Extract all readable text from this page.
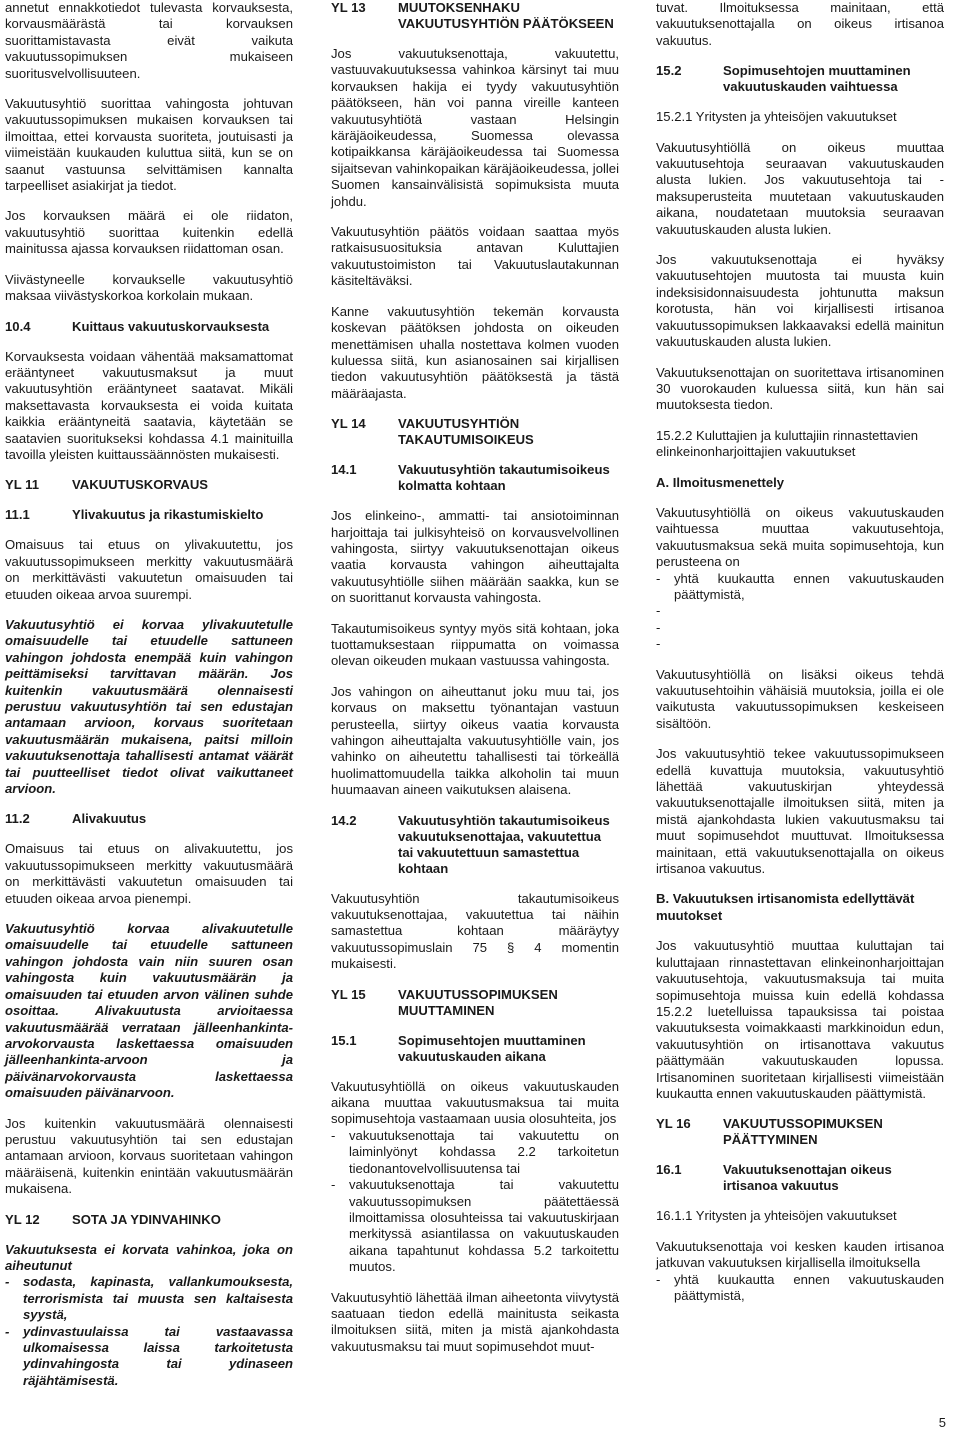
annetut ennakkotiedot tulevasta korvauksesta, korvausmäärästä tai korvauksen suorittamistavasta eivät vaikuta vakuutussopimuksen mukaiseen suoritusvelvollisuuteen.

Vakuutusyhtiö suorittaa vahingosta johtuvan vakuutussopimuksen mukaisen korvauksen tai ilmoittaa, ettei korvausta suoriteta, joutuisasti ja viimeistään kuukauden kuluttua siitä, kun se on saanut vastuunsa selvittämisen kannalta tarpeelliset asiakirjat ja tiedot.

Jos korvauksen määrä ei ole riidaton, vakuutusyhtiö suorittaa kuitenkin edellä mainitussa ajassa korvauksen riidattoman osan.

Viivästyneelle korvaukselle vakuutusyhtiö maksaa viivästyskorkoa korkolain mukaan.

10.4	Kuittaus vakuutuskorvauksesta

Korvauksesta voidaan vähentää maksamattomat erääntyneet vakuutusmaksut ja muut vakuutusyhtiön erääntyneet saatavat. Mikäli maksettavasta korvauksesta ei voida kuitata kaikkia erääntyneitä saatavia, käytetään se saatavien suoritukseksi kohdassa 4.1 mainituilla tavoilla yleisten kuittaussäännösten mukaisesti.

YL 11	VAKUUTUSKORVAUS
11.1	Ylivakuutus ja rikastumiskielto

Omaisuus tai etuus on ylivakuutettu, jos vakuutussopimukseen merkitty vakuutusmäärä on merkittävästi vakuutetun omaisuuden tai etuuden oikeaa arvoa suurempi.

Vakuutusyhtiö ei korvaa ylivakuutetulle omaisuudelle tai etuudelle sattuneen vahingon johdosta enempää kuin vahingon peittämiseksi tarvittavan määrän. Jos kuitenkin vakuutusmäärä olennaisesti perustuu vakuutusyhtiön tai sen edustajan antamaan arvioon, korvaus suoritetaan vakuutusmäärän mukaisena, paitsi milloin vakuutuksenottaja tahallisesti antamat väärät tai puutteelliset tiedot olivat vaikuttaneet arvioon.

11.2	Alivakuutus

Omaisuus tai etuus on alivakuutettu, jos vakuutussopimukseen merkitty vakuutusmäärä on merkittävästi vakuutetun omaisuuden tai etuuden oikeaa arvoa pienempi.

Vakuutusyhtiö korvaa alivakuutetulle omaisuudelle tai etuudelle sattuneen vahingon johdosta vain niin suuren osan vahingosta kuin vakuutusmäärän ja omaisuuden tai etuuden arvon välinen suhde osoittaa. Alivakuutusta arvioitaessa vakuutusmäärää verrataan jälleenhankinta-arvokorvausta laskettaessa omaisuuden jälleenhankinta-arvoon ja päivänarvokorvausta laskettaessa omaisuuden päivänarvoon.

Jos kuitenkin vakuutusmäärä olennaisesti perustuu vakuutusyhtiön tai sen edustajan antamaan arvioon, korvaus suoritetaan vahingon määräisenä, kuitenkin enintään vakuutusmäärän mukaisena.

YL 12	SOTA JA YDINVAHINKO

Vakuutuksesta ei korvata vahinkoa, joka on aiheutunut

-	sodasta, kapinasta, vallankumouksesta, terrorismista tai muusta sen kaltaisesta syystä,
-	ydinvastuulaissa tai vastaavassa ulkomaisessa laissa tarkoitetusta ydinvahingosta tai ydinaseen räjähtämisestä.
YL 13	MUUTOKSENHAKU VAKUUTUSYHTIÖN PÄÄTÖKSEEN

Jos vakuutuksenottaja, vakuutettu, vastuuvakuutuksessa vahinkoa kärsinyt tai muu korvauksen hakija ei tyydy vakuutusyhtiön päätökseen, hän voi panna vireille kanteen vakuutusyhtiötä vastaan Helsingin käräjäoikeudessa, Suomessa olevassa kotipaikkansa käräjäoikeudessa tai Suomessa sijaitsevan vahinkopaikan käräjäoikeudessa, jollei Suomen kansainvälisistä sopimuksista muuta johdu.

Vakuutusyhtiön päätös voidaan saattaa myös ratkaisusuosituksia antavan Kuluttajien vakuutustoimiston tai Vakuutuslautakunnan käsiteltäväksi.

Kanne vakuutusyhtiön tekemän korvausta koskevan päätöksen johdosta on oikeuden menettämisen uhalla nostettava kolmen vuoden kuluessa siitä, kun asianosainen sai kirjallisen tiedon vakuutusyhtiön päätöksestä ja tästä määräajasta.

YL 14	VAKUUTUSYHTIÖN TAKAUTUMISOIKEUS
14.1	Vakuutusyhtiön takautumisoikeus kolmatta kohtaan

Jos elinkeino-, ammatti- tai ansiotoiminnan harjoittaja tai julkisyhteisö on korvausvelvollinen vahingosta, siirtyy vakuutuksenottajan oikeus vaatia korvausta vahingon aiheuttajalta vakuutusyhtiölle siihen määrään saakka, kun se on suorittanut korvausta vahingosta.

Takautumisoikeus syntyy myös sitä kohtaan, joka tuottamuksestaan riippumatta on voimassa olevan oikeuden mukaan vastuussa vahingosta.

Jos vahingon on aiheuttanut joku muu tai, jos korvaus on maksettu työnantajan vastuun perusteella, siirtyy oikeus vaatia korvausta vahingon aiheuttajalta vakuutusyhtiölle vain, jos vahinko on aiheutettu tahallisesti tai törkeällä huolimattomuudella taikka alkoholin tai muun huumaavan aineen vaikutuksen alaisena.

14.2	Vakuutusyhtiön takautumisoikeus vakuutuksenottajaa, vakuutettua tai vakuutettuun samastettua kohtaan

Vakuutusyhtiön takautumisoikeus vakuutuksenottajaa, vakuutettua tai näihin samastettua kohtaan määräytyy vakuutussopimuslain 75 § 4 momentin mukaisesti.

YL 15	VAKUUTUSSOPIMUKSEN MUUTTAMINEN
15.1	Sopimusehtojen muuttaminen vakuutuskauden aikana

Vakuutusyhtiöllä on oikeus vakuutuskauden aikana muuttaa vakuutusmaksua tai muita sopimusehtoja vastaamaan uusia olosuhteita, jos

-	vakuutuksenottaja tai vakuutettu on laiminlyönyt kohdassa 2.2 tarkoitetun tiedonantovelvollisuutensa tai
-	vakuutuksenottaja tai vakuutettu vakuutussopimuksen päätettäessä ilmoittamissa olosuhteissa tai vakuutuskirjaan merkityssä asiantilassa on vakuutuskauden aikana tapahtunut kohdassa 5.2 tarkoitettu muutos.

Vakuutusyhtiö lähettää ilman aiheetonta viivytystä saatuaan tiedon edellä mainitusta seikasta ilmoituksen siitä, miten ja mistä ajankohdasta vakuutusmaksu tai muut sopimusehdot muut-

tuvat. Ilmoituksessa mainitaan, että vakuutuksenottajalla on oikeus irtisanoa vakuutus.

15.2	Sopimusehtojen muuttaminen vakuutuskauden vaihtuessa
15.2.1 Yritysten ja yhteisöjen vakuutukset

Vakuutusyhtiöllä on oikeus muuttaa vakuutusehtoja seuraavan vakuutuskauden alusta lukien. Jos vakuutusehtoja tai -maksuperusteita muutetaan vakuutuskauden aikana, noudatetaan muutoksia seuraavan vakuutuskauden alusta lukien.

Jos vakuutuksenottaja ei hyväksy vakuutusehtojen muutosta tai muusta kuin indeksisidonnaisuudesta johtunutta maksun korotusta, hän voi kirjallisesti irtisanoa vakuutussopimuksen lakkaavaksi edellä mainitun vakuutuskauden alusta lukien.

Vakuutuksenottajan on suoritettava irtisanominen 30 vuorokauden kuluessa siitä, kun hän sai muutoksesta tiedon.

15.2.2 Kuluttajien ja kuluttajiin rinnastettavien elinkeinonharjoittajien vakuutukset
A. Ilmoitusmenettely

Vakuutusyhtiöllä on oikeus vakuutuskauden vaihtuessa muuttaa vakuutusehtoja, vakuutusmaksua sekä muita sopimusehtoja, kun perusteena on

-	yhtä kuukautta ennen vakuutuskauden päättymistä,
-
-
-

Vakuutusyhtiöllä on lisäksi oikeus tehdä vakuutusehtoihin vähäisiä muutoksia, joilla ei ole vaikutusta vakuutussopimuksen keskeiseen sisältöön.

Jos vakuutusyhtiö tekee vakuutussopimukseen edellä kuvattuja muutoksia, vakuutusyhtiö lähettää vakuutuskirjan yhteydessä vakuutuksenottajalle ilmoituksen siitä, miten ja mistä ajankohdasta lukien vakuutusmaksu tai muut sopimusehdot muuttuvat. Ilmoituksessa mainitaan, että vakuutuksenottajalla on oikeus irtisanoa vakuutus.

B. Vakuutuksen irtisanomista edellyttävät muutokset

Jos vakuutusyhtiö muuttaa kuluttajan tai kuluttajaan rinnastettavan elinkeinonharjoittajan vakuutusehtoja, vakuutusmaksuja tai muita sopimusehtoja muissa kuin edellä kohdassa 15.2.2 luetelluissa tapauksissa tai poistaa vakuutuksesta voimakkaasti markkinoidun edun, vakuutusyhtiön on irtisanottava vakuutus päättymään vakuutuskauden lopussa. Irtisanominen suoritetaan kirjallisesti viimeistään kuukautta ennen vakuutuskauden päättymistä.

YL 16	VAKUUTUSSOPIMUKSEN PÄÄTTYMINEN
16.1	Vakuutuksenottajan oikeus irtisanoa vakuutus
16.1.1 Yritysten ja yhteisöjen vakuutukset

Vakuutuksenottaja voi kesken kauden irtisanoa jatkuvan vakuutuksen kirjallisella ilmoituksella

-	yhtä kuukautta ennen vakuutuskauden päättymistä,
5
